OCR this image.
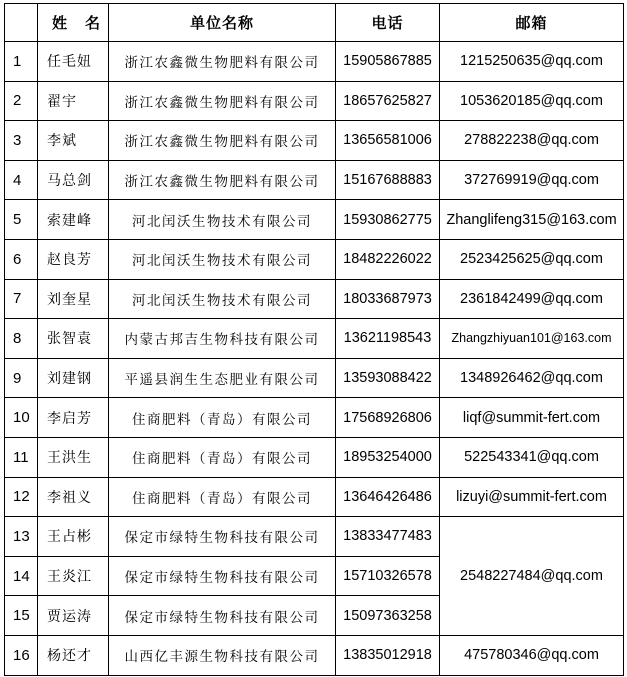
	姓 名	单位名称	电话	邮箱
1	任毛妞	浙江农鑫微生物肥料有限公司	15905867885	1215250635@qq.com
2	翟宇	浙江农鑫微生物肥料有限公司	18657625827	1053620185@qq.com
3	李斌	浙江农鑫微生物肥料有限公司	13656581006	278822238@qq.com
4	马总剑	浙江农鑫微生物肥料有限公司	15167688883	372769919@qq.com
5	索建峰	河北闰沃生物技术有限公司	15930862775	Zhanglifeng315@163.com
6	赵良芳	河北闰沃生物技术有限公司	18482226022	2523425625@qq.com
7	刘奎星	河北闰沃生物技术有限公司	18033687973	2361842499@qq.com
8	张智袁	内蒙古邦吉生物科技有限公司	13621198543	Zhangzhiyuan101@163.com
9	刘建钢	平遥县润生生态肥业有限公司	13593088422	1348926462@qq.com
10	李启芳	住商肥料（青岛）有限公司	17568926806	liqf@summit-fert.com
11	王洪生	住商肥料（青岛）有限公司	18953254000	522543341@qq.com
12	李祖义	住商肥料（青岛）有限公司	13646426486	lizuyi@summit-fert.com
13	王占彬	保定市绿特生物科技有限公司	13833477483	2548227484@qq.com
14	王炎江	保定市绿特生物科技有限公司	15710326578	
15	贾运涛	保定市绿特生物科技有限公司	15097363258	
16	杨还才	山西亿丰源生物科技有限公司	13835012918	475780346@qq.com
